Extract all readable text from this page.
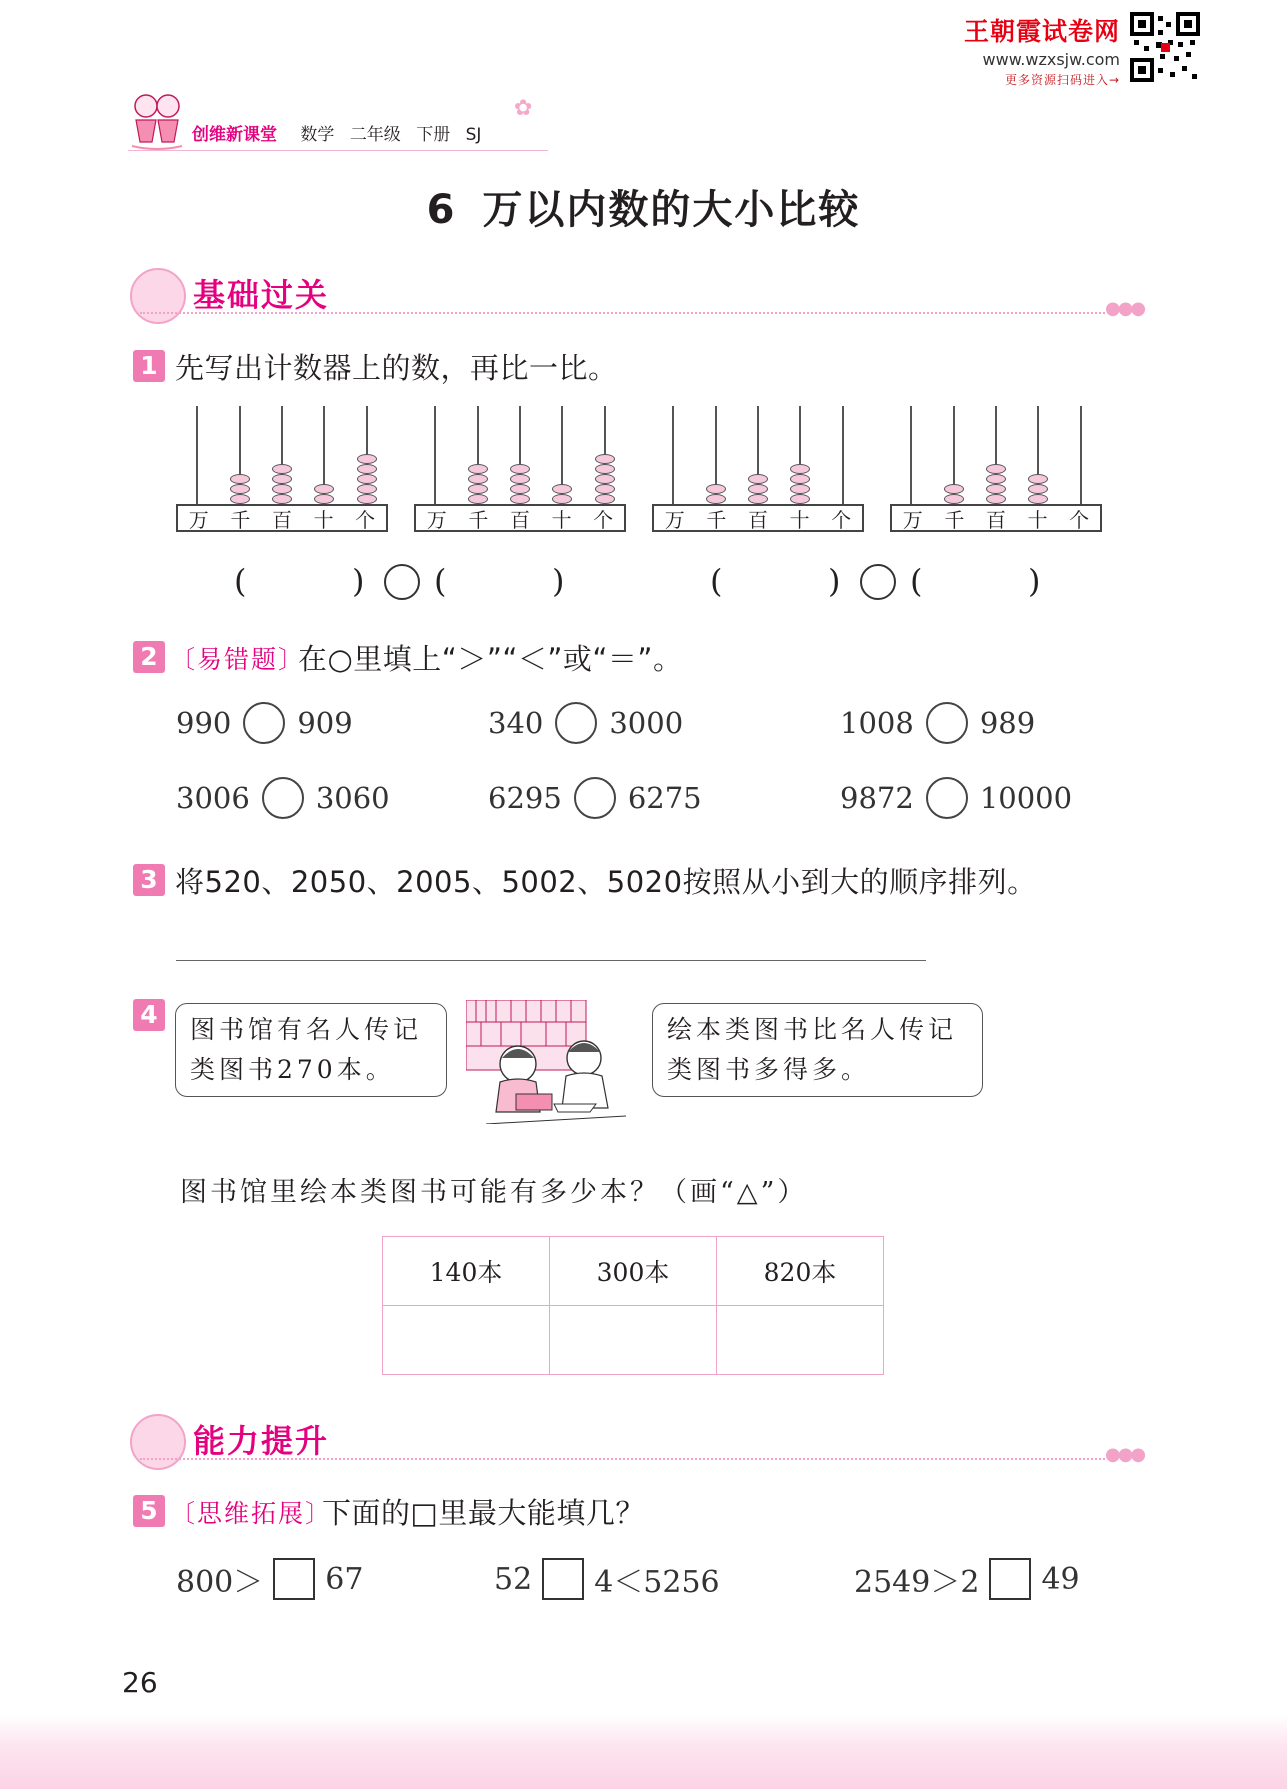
王朝霞试卷网
www.wzxsjw.com
更多资源扫码进入→
创维新课堂 数学 二年级 下册 SJ
✿
6 万以内数的大小比较
基础过关	●●●
1 先写出计数器上的数，再比一比。
万 千 百 十 个	万 千 百 十 个	万 千 百 十 个	万 千 百 十 个
(	) (	)	(	) (	)
2 〔易错题〕
在○里填上“＞”“＜”或“＝”。
990 909	340 3000	1008 989
3006 3060	6295 6275	9872 10000
3 将520、2050、2005、5002、5020按照从小到大的顺序排列。
4
图书馆有名人传记
类图书270本。
绘本类图书比名人传记
类图书多得多。
图书馆里绘本类图书可能有多少本？（画“△”）
140本	300本	820本

能力提升	●●●
5 〔思维拓展〕
下面的□里最大能填几？
800＞ 67	52 4＜5256	2549＞2 49
26
